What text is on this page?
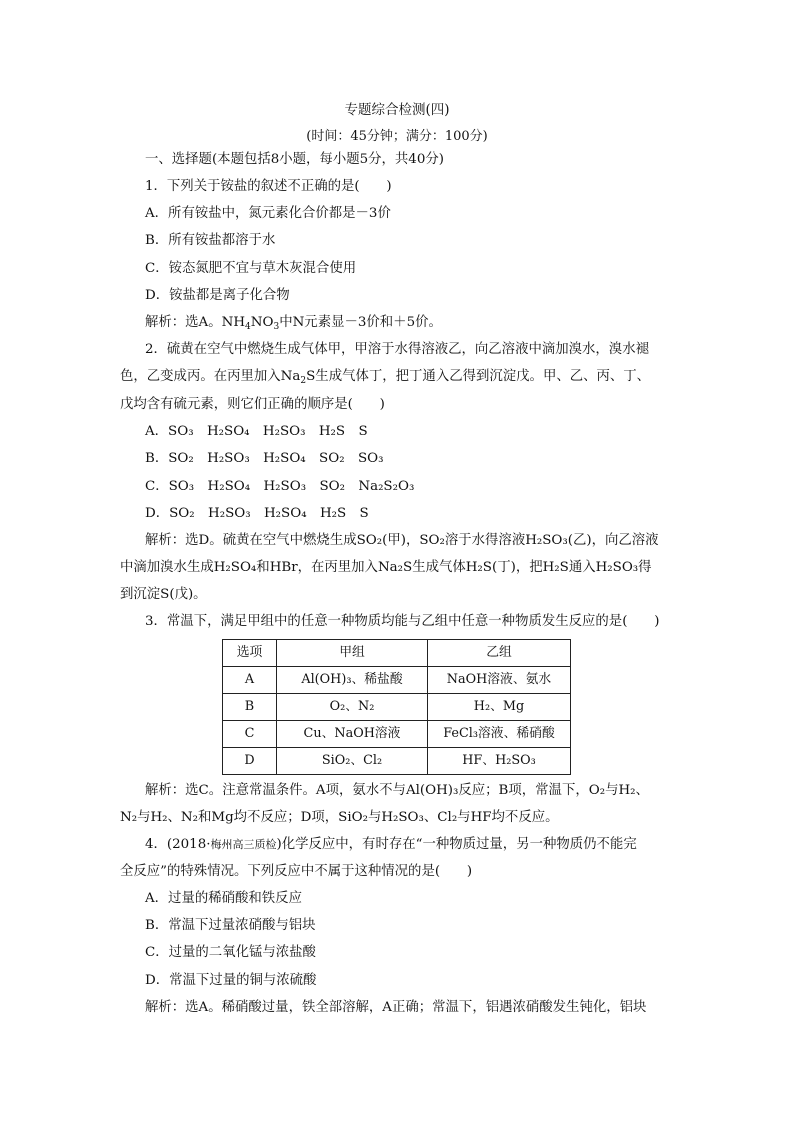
专题综合检测(四)
(时间：45分钟；满分：100分)
一、选择题(本题包括8小题，每小题5分，共40分)
1．下列关于铵盐的叙述不正确的是(　　)
A．所有铵盐中，氮元素化合价都是－3价
B．所有铵盐都溶于水
C．铵态氮肥不宜与草木灰混合使用
D．铵盐都是离子化合物
解析：选A。$NH_4NO_3$中N元素显－3价和＋5价。
2．硫黄在空气中燃烧生成气体甲，甲溶于水得溶液乙，向乙溶液中滴加溴水，溴水褪
色，乙变成丙。在丙里加入$Na_2S$生成气体丁，把丁通入乙得到沉淀戊。甲、乙、丙、丁、
戊均含有硫元素，则它们正确的顺序是(　　)
A．SO₃　H₂SO₄　H₂SO₃　H₂S　S
B．SO₂　H₂SO₃　H₂SO₄　SO₂　SO₃
C．SO₃　H₂SO₄　H₂SO₃　SO₂　Na₂S₂O₃
D．SO₂　H₂SO₃　H₂SO₄　H₂S　S
解析：选D。硫黄在空气中燃烧生成SO₂(甲)，SO₂溶于水得溶液H₂SO₃(乙)，向乙溶液
中滴加溴水生成H₂SO₄和HBr，在丙里加入Na₂S生成气体H₂S(丁)，把H₂S通入H₂SO₃得
到沉淀S(戊)。
3．常温下，满足甲组中的任意一种物质均能与乙组中任意一种物质发生反应的是(　　)
选项	甲组	乙组
A	Al(OH)₃、稀盐酸	NaOH溶液、氨水
B	O₂、N₂	H₂、Mg
C	Cu、NaOH溶液	FeCl₃溶液、稀硝酸
D	SiO₂、Cl₂	HF、H₂SO₃
解析：选C。注意常温条件。A项，氨水不与Al(OH)₃反应；B项，常温下，O₂与H₂、
N₂与H₂、N₂和Mg均不反应；D项，SiO₂与H₂SO₃、Cl₂与HF均不反应。
4．(2018·梅州高三质检)化学反应中，有时存在“一种物质过量，另一种物质仍不能完
全反应”的特殊情况。下列反应中不属于这种情况的是(　　)
A．过量的稀硝酸和铁反应
B．常温下过量浓硝酸与铝块
C．过量的二氧化锰与浓盐酸
D．常温下过量的铜与浓硫酸
解析：选A。稀硝酸过量，铁全部溶解，A正确；常温下，铝遇浓硝酸发生钝化，铝块
